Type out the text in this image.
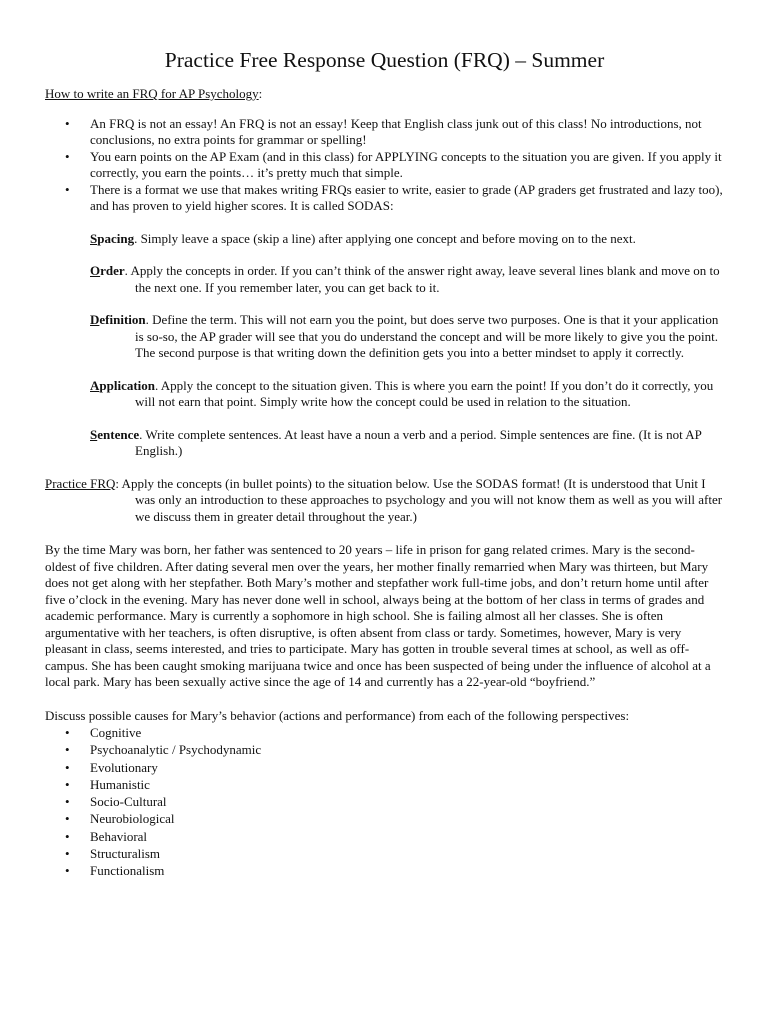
Practice Free Response Question (FRQ) – Summer

How to write an FRQ for AP Psychology:

• An FRQ is not an essay! An FRQ is not an essay! Keep that English class junk out of this class! No introductions, not conclusions, no extra points for grammar or spelling!
• You earn points on the AP Exam (and in this class) for APPLYING concepts to the situation you are given. If you apply it correctly, you earn the points… it’s pretty much that simple.
• There is a format we use that makes writing FRQs easier to write, easier to grade (AP graders get frustrated and lazy too), and has proven to yield higher scores. It is called SODAS:

Spacing. Simply leave a space (skip a line) after applying one concept and before moving on to the next.

Order. Apply the concepts in order. If you can’t think of the answer right away, leave several lines blank and move on to the next one. If you remember later, you can get back to it.

Definition. Define the term. This will not earn you the point, but does serve two purposes. One is that it your application is so-so, the AP grader will see that you do understand the concept and will be more likely to give you the point. The second purpose is that writing down the definition gets you into a better mindset to apply it correctly.

Application. Apply the concept to the situation given. This is where you earn the point! If you don’t do it correctly, you will not earn that point. Simply write how the concept could be used in relation to the situation.

Sentence. Write complete sentences. At least have a noun a verb and a period. Simple sentences are fine. (It is not AP English.)

Practice FRQ: Apply the concepts (in bullet points) to the situation below. Use the SODAS format! (It is understood that Unit I was only an introduction to these approaches to psychology and you will not know them as well as you will after we discuss them in greater detail throughout the year.)

By the time Mary was born, her father was sentenced to 20 years – life in prison for gang related crimes. Mary is the second-oldest of five children. After dating several men over the years, her mother finally remarried when Mary was thirteen, but Mary does not get along with her stepfather. Both Mary’s mother and stepfather work full-time jobs, and don’t return home until after five o’clock in the evening. Mary has never done well in school, always being at the bottom of her class in terms of grades and academic performance. Mary is currently a sophomore in high school. She is failing almost all her classes. She is often argumentative with her teachers, is often disruptive, is often absent from class or tardy. Sometimes, however, Mary is very pleasant in class, seems interested, and tries to participate. Mary has gotten in trouble several times at school, as well as off-campus. She has been caught smoking marijuana twice and once has been suspected of being under the influence of alcohol at a local park. Mary has been sexually active since the age of 14 and currently has a 22-year-old “boyfriend.”

Discuss possible causes for Mary’s behavior (actions and performance) from each of the following perspectives:

• Cognitive
• Psychoanalytic / Psychodynamic
• Evolutionary
• Humanistic
• Socio-Cultural
• Neurobiological
• Behavioral
• Structuralism
• Functionalism
